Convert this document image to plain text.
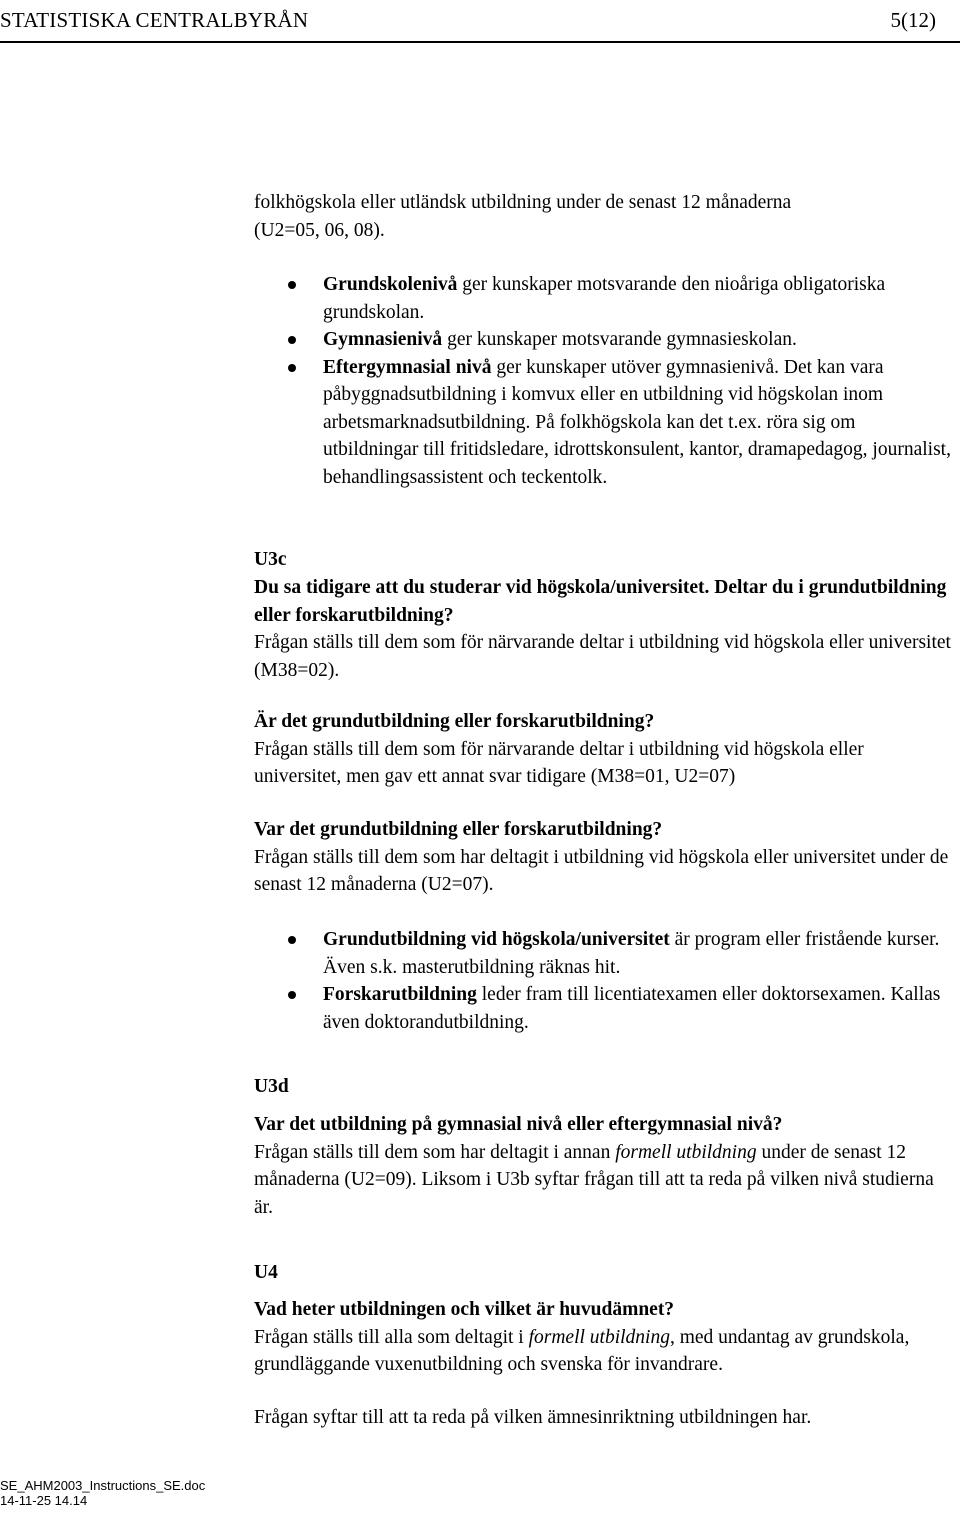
STATISTISKA CENTRALBYRÅN	5(12)

folkhögskola eller utländsk utbildning under de senast 12 månaderna

(U2=05, 06, 08).

Grundskolenivå ger kunskaper motsvarande den nioåriga obligatoriska grundskolan.
Gymnasienivå ger kunskaper motsvarande gymnasieskolan.
Eftergymnasial nivå ger kunskaper utöver gymnasienivå. Det kan vara påbyggnadsutbildning i komvux eller en utbildning vid högskolan inom arbetsmarknadsutbildning. På folkhögskola kan det t.ex. röra sig om utbildningar till fritidsledare, idrottskonsulent, kantor, dramapedagog, journalist, behandlingsassistent och teckentolk.
U3c

Du sa tidigare att du studerar vid högskola/universitet. Deltar du i grundutbildning eller forskarutbildning?

Frågan ställs till dem som för närvarande deltar i utbildning vid högskola eller universitet (M38=02).

Är det grundutbildning eller forskarutbildning?

Frågan ställs till dem som för närvarande deltar i utbildning vid högskola eller universitet, men gav ett annat svar tidigare (M38=01, U2=07)

Var det grundutbildning eller forskarutbildning?

Frågan ställs till dem som har deltagit i utbildning vid högskola eller universitet under de senast 12 månaderna (U2=07).

Grundutbildning vid högskola/universitet är program eller fristående kurser. Även s.k. masterutbildning räknas hit.
Forskarutbildning leder fram till licentiatexamen eller doktorsexamen. Kallas även doktorandutbildning.
U3d

Var det utbildning på gymnasial nivå eller eftergymnasial nivå?

Frågan ställs till dem som har deltagit i annan formell utbildning under de senast 12 månaderna (U2=09). Liksom i U3b syftar frågan till att ta reda på vilken nivå studierna är.

U4

Vad heter utbildningen och vilket är huvudämnet?

Frågan ställs till alla som deltagit i formell utbildning, med undantag av grundskola, grundläggande vuxenutbildning och svenska för invandrare.

Frågan syftar till att ta reda på vilken ämnesinriktning utbildningen har.
SE_AHM2003_Instructions_SE.doc
14-11-25 14.14
